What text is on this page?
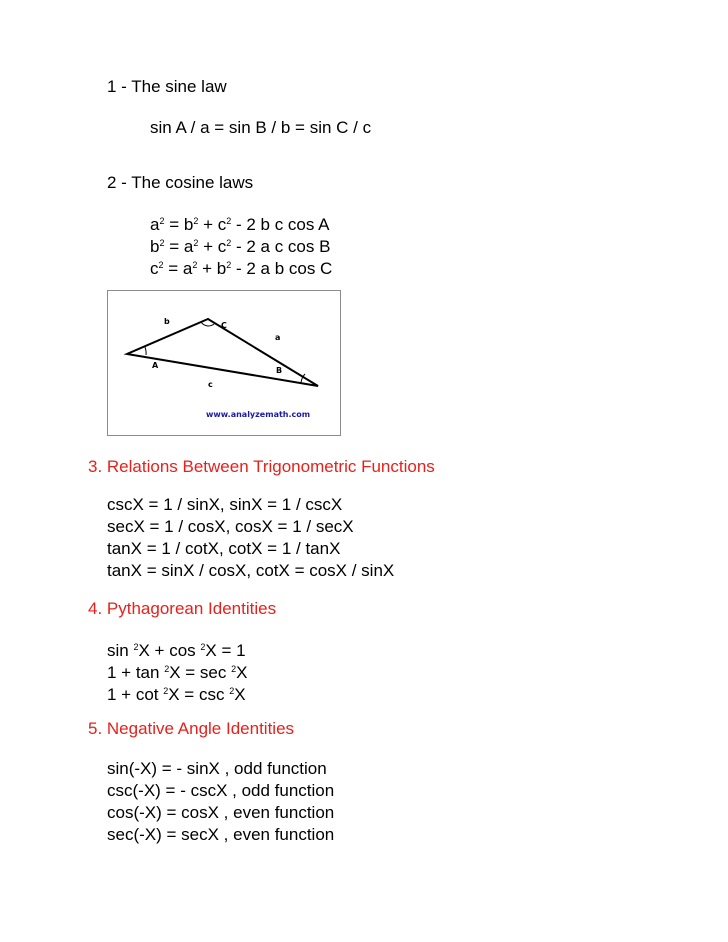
1 - The sine law
sin A / a = sin B / b = sin C / c
2 - The cosine laws
$a^2 = b^2 + c^2 - 2$ b c cos A
$b^2 = a^2 + c^2 - 2$ a c cos B
$c^2 = a^2 + b^2 - 2$ a b cos C
b	C
a
A
B
c
www.analyzemath.com
3. Relations Between Trigonometric Functions
cscX = 1 / sinX, sinX = 1 / cscX
secX = 1 / cosX, cosX = 1 / secX
tanX = 1 / cotX, cotX = 1 / tanX
tanX = sinX / cosX, cotX = cosX / sinX
4. Pythagorean Identities
sin $^2$X + cos $^2$X = 1
1 + tan $^2$X = sec $^2$X
1 + cot $^2$X = csc $^2$X
5. Negative Angle Identities
sin(-X) = - sinX , odd function
csc(-X) = - cscX , odd function
cos(-X) = cosX , even function
sec(-X) = secX , even function
